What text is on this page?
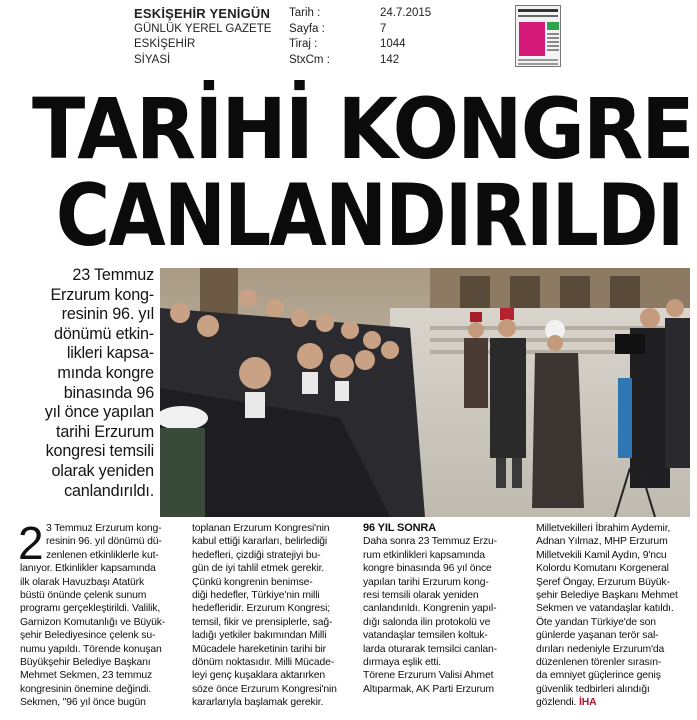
ESKİŞEHİR YENİGÜN
GÜNLÜK YEREL GAZETE
ESKİŞEHİR
SİYASİ
Tarih :
Sayfa :
Tiraj :
StxCm :
24.7.2015
7
1044
142
TARİHİ KONGRE
CANLANDIRILDI
23 Temmuz
Erzurum kong-
resinin 96. yıl
dönümü etkin-
likleri kapsa-
mında kongre
binasında 96
yıl önce yapılan
tarihi Erzurum
kongresi temsili
olarak yeniden
canlandırıldı.
2 3 Temmuz Erzurum kong-
resinin 96. yıl dönümü dü-
zenlenen etkinliklerle kut-
lanıyor. Etkinlikler kapsamında
ilk olarak Havuzbaşı Atatürk
büstü önünde çelenk sunum
programı gerçekleştirildi. Valilik,
Garnizon Komutanlığı ve Büyük-
şehir Belediyesince çelenk su-
numu yapıldı. Törende konuşan
Büyükşehir Belediye Başkanı
Mehmet Sekmen, 23 temmuz
kongresinin önemine değindi.
Sekmen, "96 yıl önce bugün
toplanan Erzurum Kongresi'nin
kabul ettiği kararları, belirlediği
hedefleri, çizdiği stratejiyi bu-
gün de iyi tahlil etmek gerekir.
Çünkü kongrenin benimse-
diği hedefler, Türkiye'nin milli
hedefleridir. Erzurum Kongresi;
temsil, fikir ve prensiplerle, sağ-
ladığı yetkiler bakımından Milli
Mücadele hareketinin tarihi bir
dönüm noktasıdır. Milli Mücade-
leyi genç kuşaklara aktarırken
söze önce Erzurum Kongresi'nin
kararlarıyla başlamak gerekir.
96 YIL SONRA
Daha sonra 23 Temmuz Erzu-
rum etkinlikleri kapsamında
kongre binasında 96 yıl önce
yapılan tarihi Erzurum kong-
resi temsili olarak yeniden
canlandırıldı. Kongrenin yapıl-
dığı salonda ilin protokolü ve
vatandaşlar temsilen koltuk-
larda oturarak temsilci canlan-
dırmaya eşlik etti.
Törene Erzurum Valisi Ahmet
Altıparmak, AK Parti Erzurum
Milletvekilleri İbrahim Aydemir,
Adnan Yılmaz, MHP Erzurum
Milletvekili Kamil Aydın, 9'ncu
Kolordu Komutanı Korgeneral
Şeref Öngay, Erzurum Büyük-
şehir Belediye Başkanı Mehmet
Sekmen ve vatandaşlar katıldı.
Öte yandan Türkiye'de son
günlerde yaşanan terör sal-
dırıları nedeniyle Erzurum'da
düzenlenen törenler sırasın-
da emniyet güçlerince geniş
güvenlik tedbirleri alındığı
gözlendi. İHA
